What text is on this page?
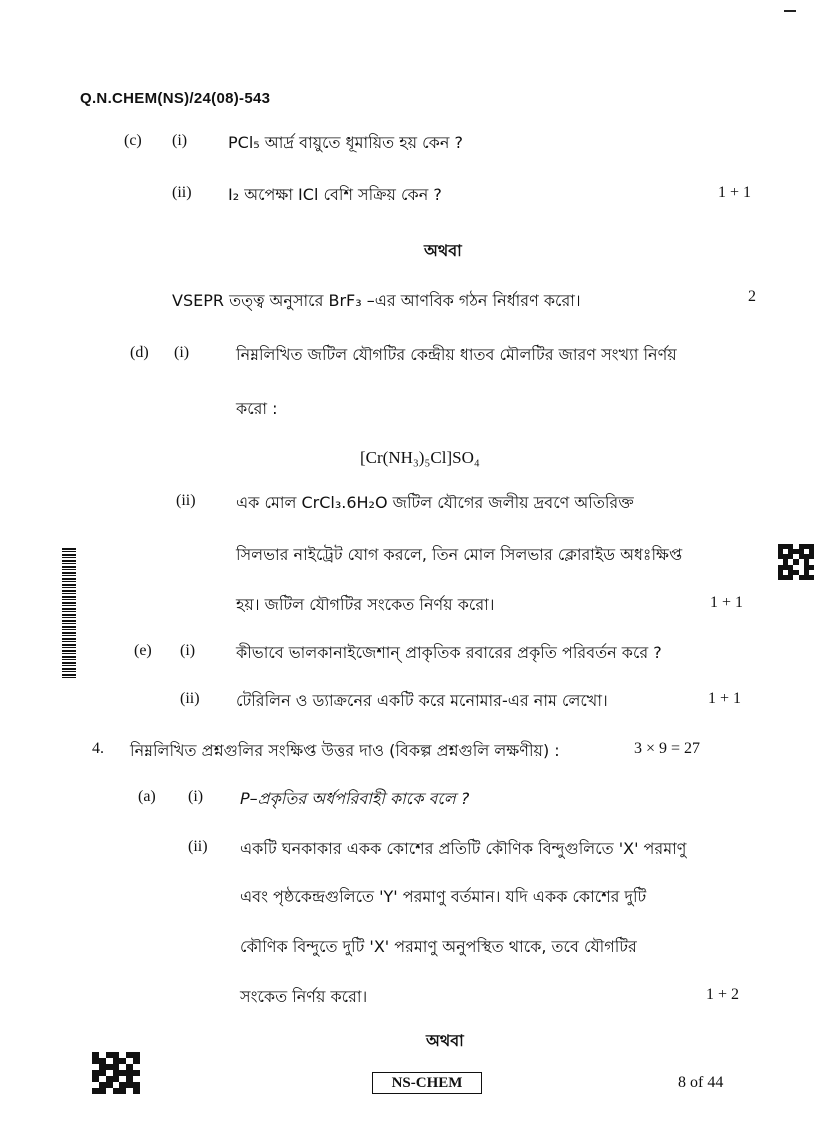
Q.N.CHEM(NS)/24(08)-543
(c) (i)	PCl₅ আর্দ্র বায়ুতে ধূমায়িত হয় কেন ?
(ii) I₂ অপেক্ষা ICl বেশি সক্রিয় কেন ?	1 + 1
অথবা
VSEPR তত্ত্ব অনুসারে BrF₃ –এর আণবিক গঠন নির্ধারণ করো।	2
(d) (i)	নিম্নলিখিত জটিল যৌগটির কেন্দ্রীয় ধাতব মৌলটির জারণ সংখ্যা নির্ণয়
করো :
[Cr(NH₃)₅Cl]SO₄
(ii)	এক মোল CrCl₃.6H₂O জটিল যৌগের জলীয় দ্রবণে অতিরিক্ত
সিলভার নাইট্রেট যোগ করলে, তিন মোল সিলভার ক্লোরাইড অধঃক্ষিপ্ত
হয়। জটিল যৌগটির সংকেত নির্ণয় করো।	1 + 1
(e) (i)	কীভাবে ভালকানাইজেশান্ প্রাকৃতিক রবারের প্রকৃতি পরিবর্তন করে ?
(ii) টেরিলিন ও ড্যাক্রনের একটি করে মনোমার-এর নাম লেখো।	1 + 1
4. নিম্নলিখিত প্রশ্নগুলির সংক্ষিপ্ত উত্তর দাও (বিকল্প প্রশ্নগুলি লক্ষণীয়) :	3 × 9 = 27
(a) (i) P–প্রকৃতির অর্ধপরিবাহী কাকে বলে ?
(ii) একটি ঘনকাকার একক কোশের প্রতিটি কৌণিক বিন্দুগুলিতে 'X' পরমাণু
এবং পৃষ্ঠকেন্দ্রগুলিতে 'Y' পরমাণু বর্তমান। যদি একক কোশের দুটি
কৌণিক বিন্দুতে দুটি 'X' পরমাণু অনুপস্থিত থাকে, তবে যৌগটির
সংকেত নির্ণয় করো।	1 + 2
অথবা
NS-CHEM	8 of 44
